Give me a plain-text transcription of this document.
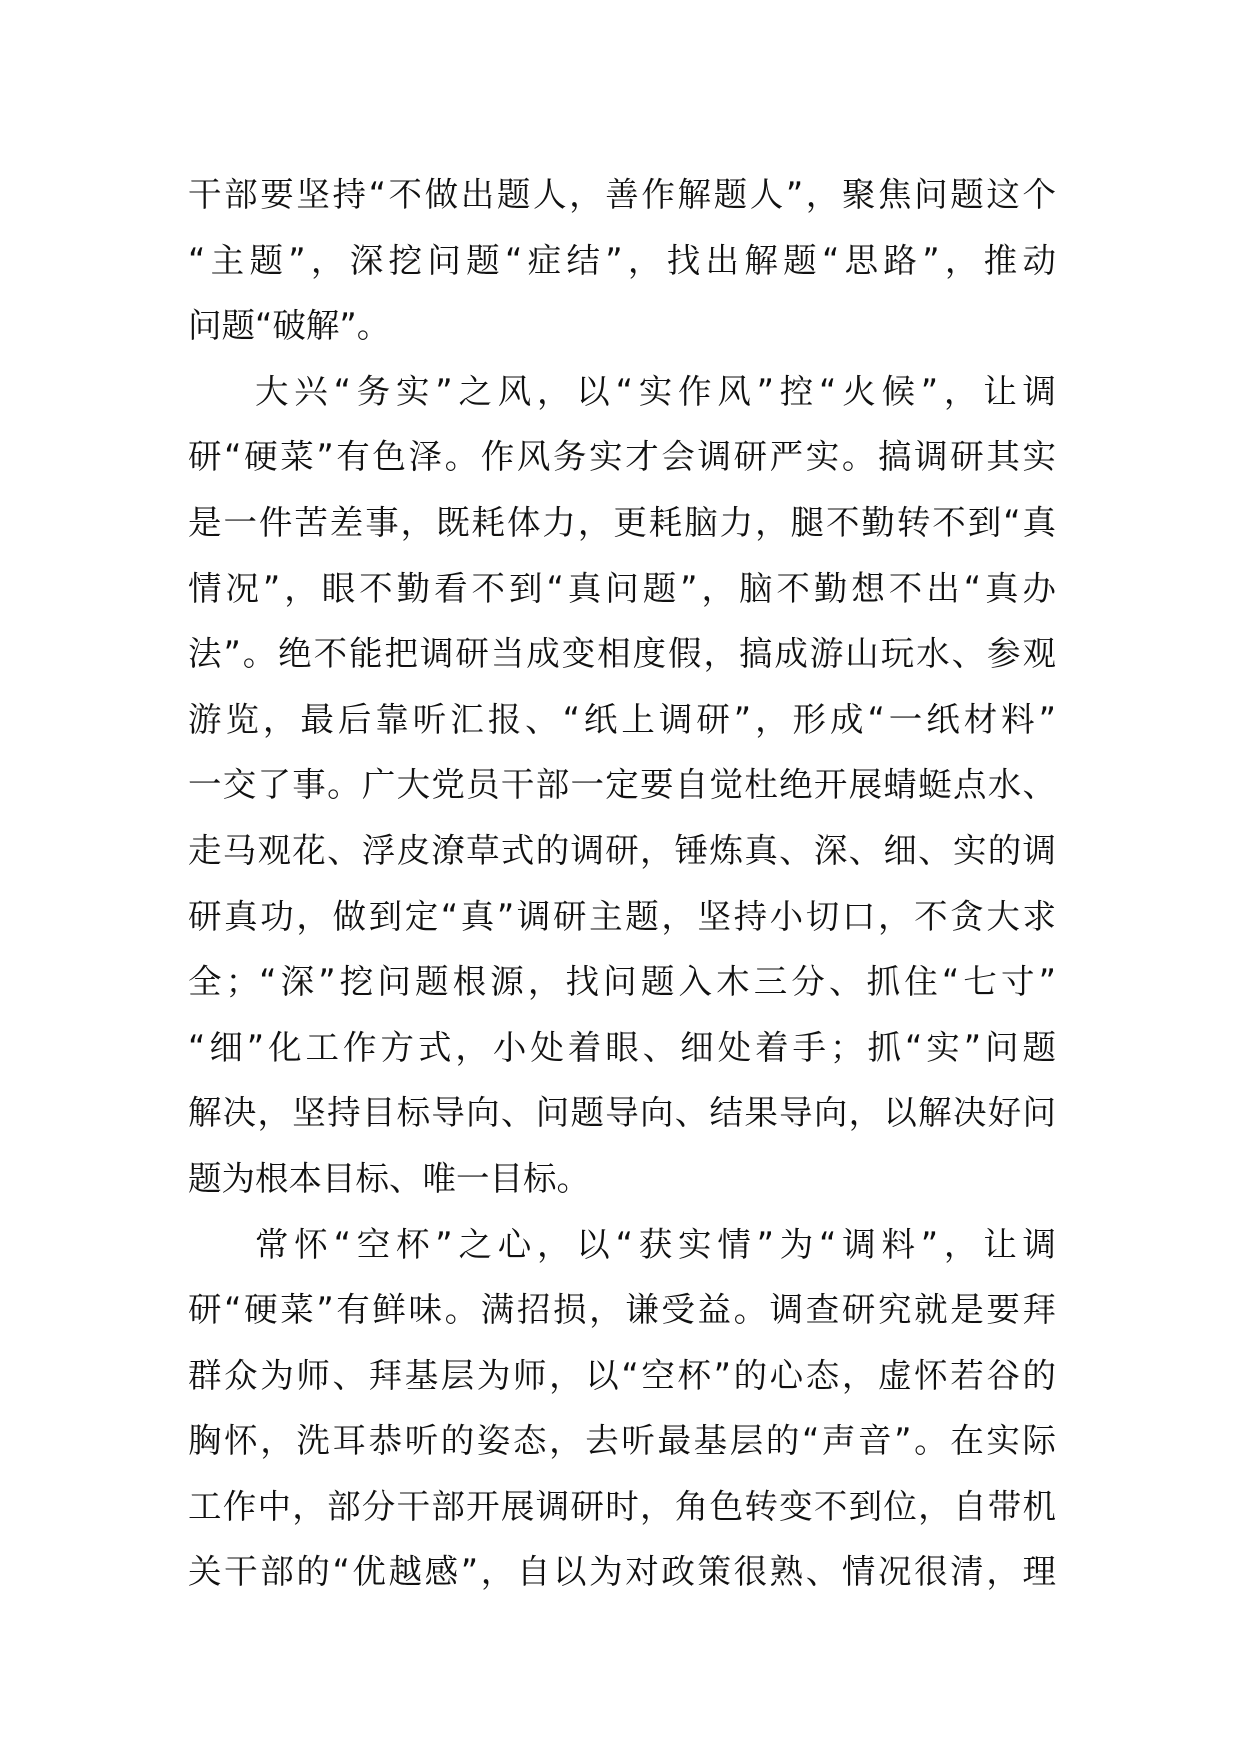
干部要坚持“不做出题人，善作解题人”，聚焦问题这个
“主题”，深挖问题“症结”，找出解题“思路”，推动
问题“破解”。
大兴“务实”之风，以“实作风”控“火候”，让调
研“硬菜”有色泽。作风务实才会调研严实。搞调研其实
是一件苦差事，既耗体力，更耗脑力，腿不勤转不到“真
情况”，眼不勤看不到“真问题”，脑不勤想不出“真办
法”。绝不能把调研当成变相度假，搞成游山玩水、参观
游览，最后靠听汇报、“纸上调研”，形成“一纸材料”
一交了事。广大党员干部一定要自觉杜绝开展蜻蜓点水、
走马观花、浮皮潦草式的调研，锤炼真、深、细、实的调
研真功，做到定“真”调研主题，坚持小切口，不贪大求
全；“深”挖问题根源，找问题入木三分、抓住“七寸”
“细”化工作方式，小处着眼、细处着手；抓“实”问题
解决，坚持目标导向、问题导向、结果导向，以解决好问
题为根本目标、唯一目标。
常怀“空杯”之心，以“获实情”为“调料”，让调
研“硬菜”有鲜味。满招损，谦受益。调查研究就是要拜
群众为师、拜基层为师，以“空杯”的心态，虚怀若谷的
胸怀，洗耳恭听的姿态，去听最基层的“声音”。在实际
工作中，部分干部开展调研时，角色转变不到位，自带机
关干部的“优越感”，自以为对政策很熟、情况很清，理
